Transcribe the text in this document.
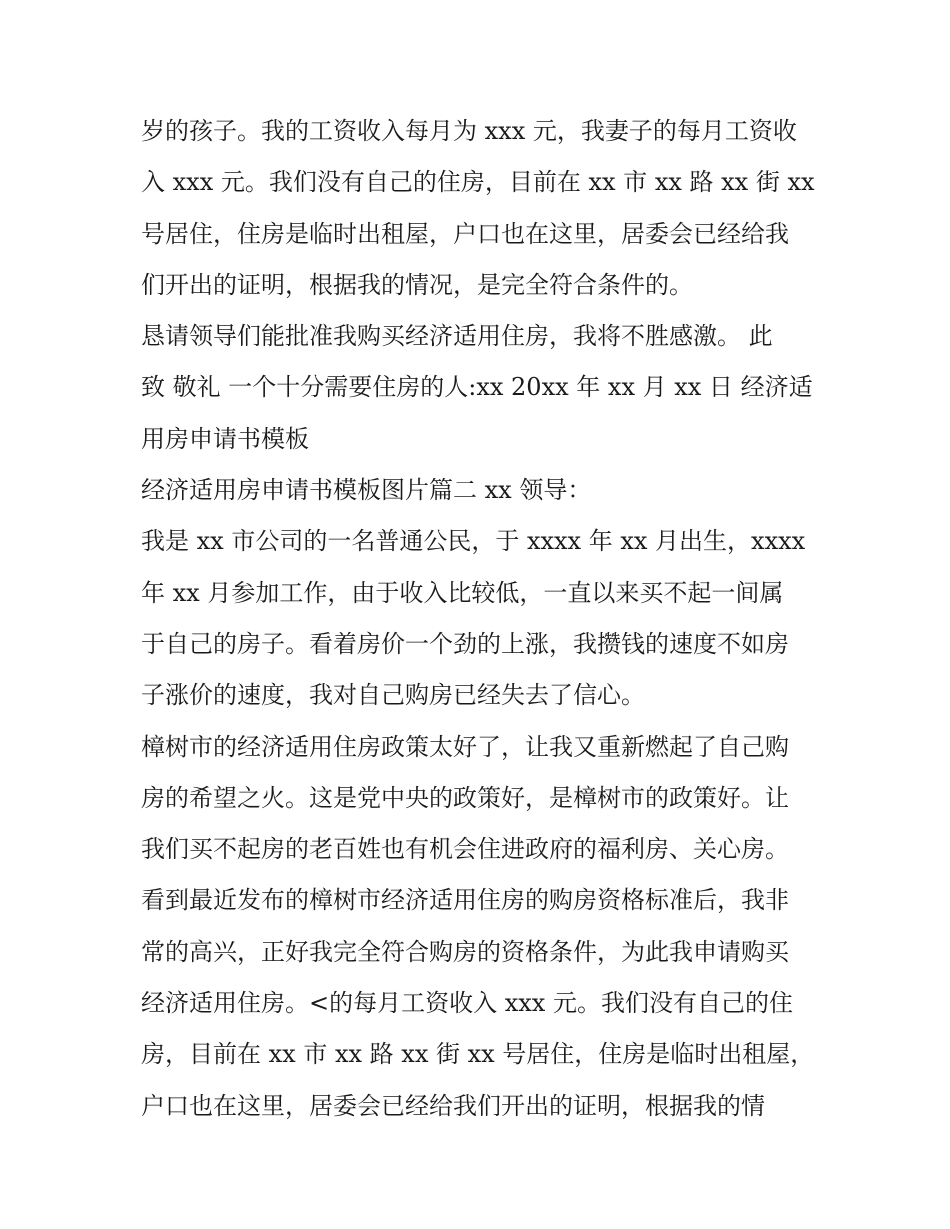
岁的孩子。我的工资收入每月为 xxx 元，我妻子的每月工资收
入 xxx 元。我们没有自己的住房，目前在 xx 市 xx 路 xx 街 xx
号居住，住房是临时出租屋，户口也在这里，居委会已经给我
们开出的证明，根据我的情况，是完全符合条件的。
恳请领导们能批准我购买经济适用住房，我将不胜感激。 此
致 敬礼 一个十分需要住房的人:xx 20xx 年 xx 月 xx 日 经济适
用房申请书模板
经济适用房申请书模板图片篇二 xx 领导：
我是 xx 市公司的一名普通公民，于 xxxx 年 xx 月出生，xxxx
年 xx 月参加工作，由于收入比较低，一直以来买不起一间属
于自己的房子。看着房价一个劲的上涨，我攒钱的速度不如房
子涨价的速度，我对自己购房已经失去了信心。
樟树市的经济适用住房政策太好了，让我又重新燃起了自己购
房的希望之火。这是党中央的政策好，是樟树市的政策好。让
我们买不起房的老百姓也有机会住进政府的福利房、关心房。
看到最近发布的樟树市经济适用住房的购房资格标准后，我非
常的高兴，正好我完全符合购房的资格条件，为此我申请购买
经济适用住房。<的每月工资收入 xxx 元。我们没有自己的住
房，目前在 xx 市 xx 路 xx 街 xx 号居住，住房是临时出租屋，
户口也在这里，居委会已经给我们开出的证明，根据我的情
